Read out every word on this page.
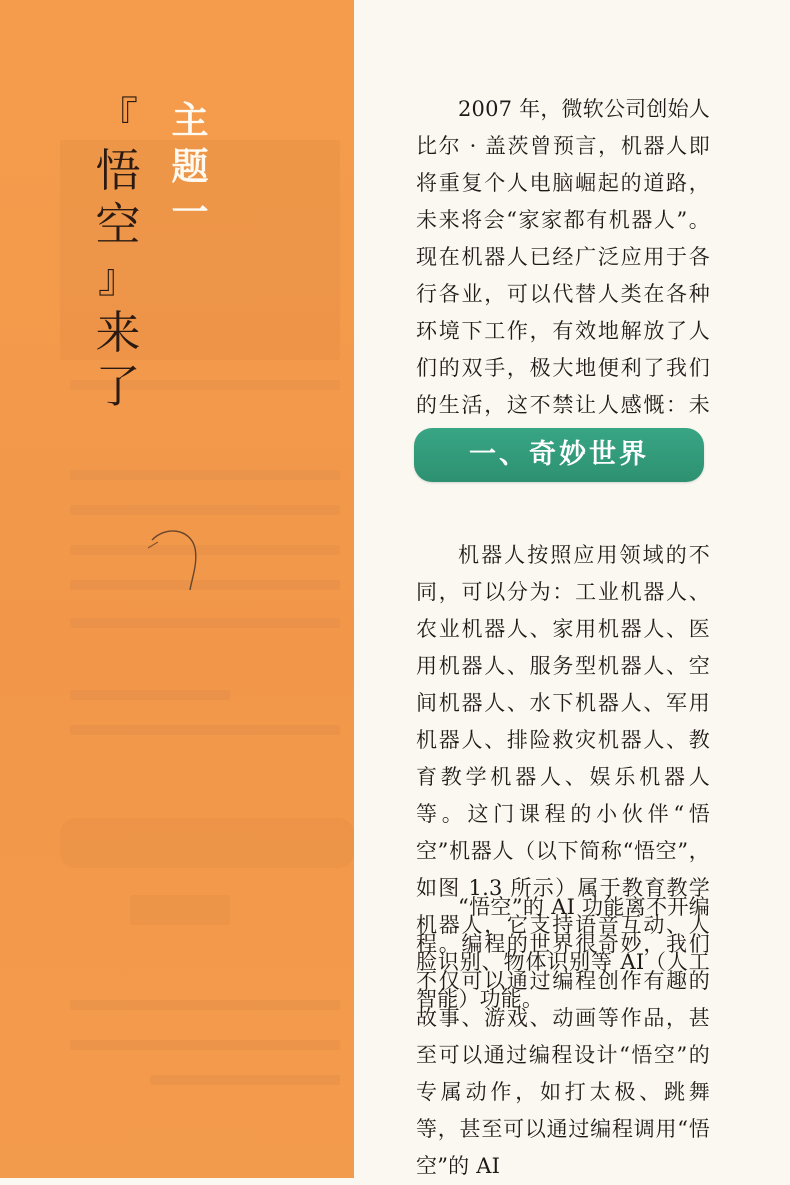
主
题
一
『
悟
空
』
来
了

2007 年，微软公司创始人比尔 · 盖茨曾预言，机器人即将重复个人电脑崛起的道路，未来将会“家家都有机器人”。现在机器人已经广泛应用于各行各业，可以代替人类在各种环境下工作，有效地解放了人们的双手，极大地便利了我们的生活，这不禁让人感慨：未

一、奇妙世界

机器人按照应用领域的不同，可以分为：工业机器人、农业机器人、家用机器人、医用机器人、服务型机器人、空间机器人、水下机器人、军用机器人、排险救灾机器人、教育教学机器人、娱乐机器人等。这门课程的小伙伴“悟空”机器人（以下简称“悟空”，如图 1.3 所示）属于教育教学机器人，它支持语音互动、人脸识别、物体识别等 AI（人工智能）功能。

“悟空”的 AI 功能离不开编程。编程的世界很奇妙，我们不仅可以通过编程创作有趣的故事、游戏、动画等作品，甚至可以通过编程设计“悟空”的专属动作，如打太极、跳舞等，甚至可以通过编程调用“悟空”的 AI
